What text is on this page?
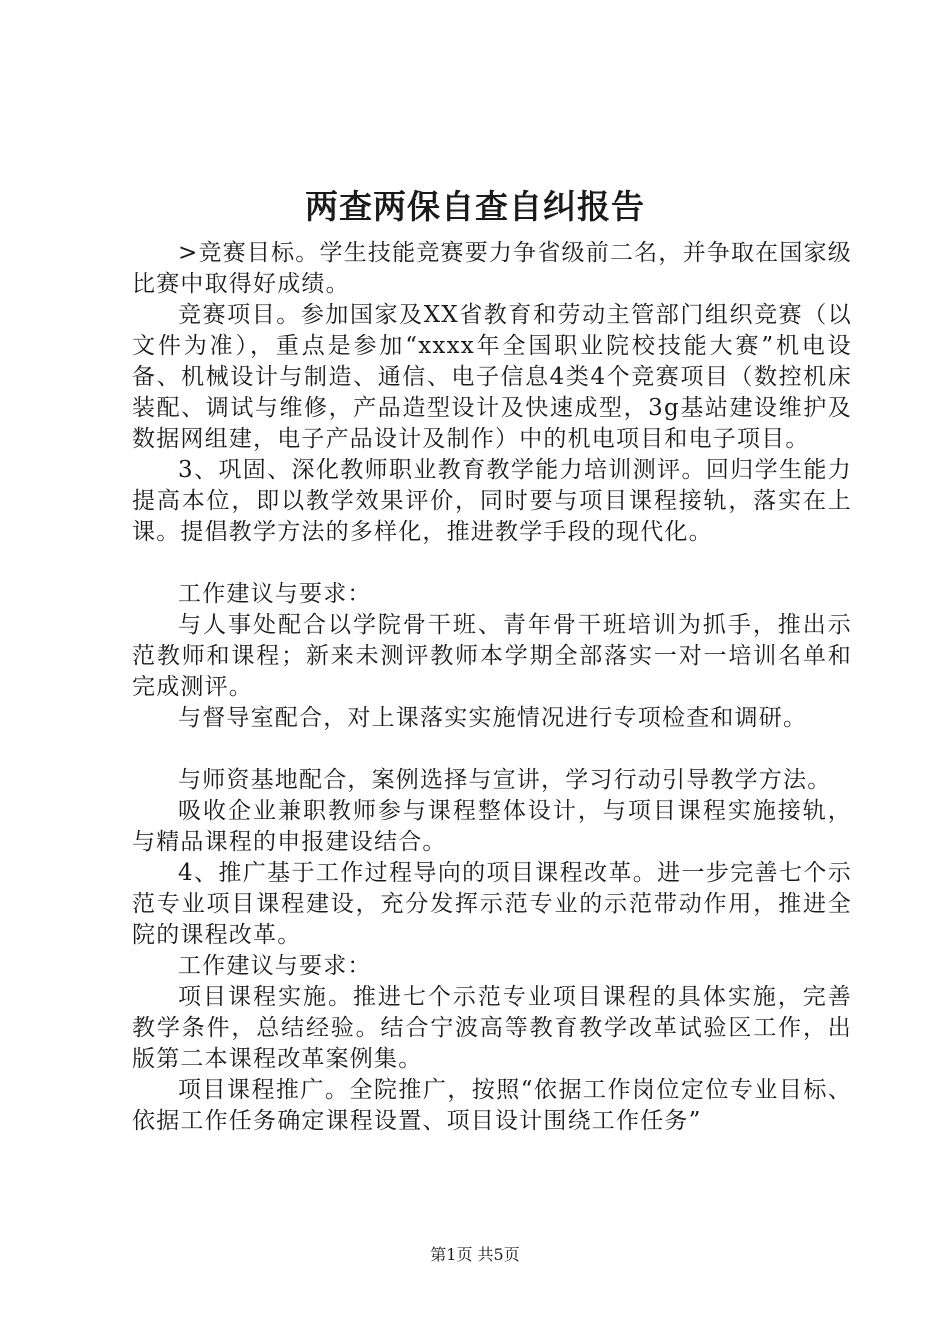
两查两保自查自纠报告

>竞赛目标。学生技能竞赛要力争省级前二名，并争取在国家级比赛中取得好成绩。

竞赛项目。参加国家及XX省教育和劳动主管部门组织竞赛（以文件为准），重点是参加“xxxx年全国职业院校技能大赛”机电设备、机械设计与制造、通信、电子信息4类4个竞赛项目（数控机床装配、调试与维修，产品造型设计及快速成型，3g基站建设维护及数据网组建，电子产品设计及制作）中的机电项目和电子项目。

3、巩固、深化教师职业教育教学能力培训测评。回归学生能力提高本位，即以教学效果评价，同时要与项目课程接轨，落实在上课。提倡教学方法的多样化，推进教学手段的现代化。

工作建议与要求：

与人事处配合以学院骨干班、青年骨干班培训为抓手，推出示范教师和课程；新来未测评教师本学期全部落实一对一培训名单和完成测评。

与督导室配合，对上课落实实施情况进行专项检查和调研。

与师资基地配合，案例选择与宣讲，学习行动引导教学方法。

吸收企业兼职教师参与课程整体设计，与项目课程实施接轨，与精品课程的申报建设结合。

4、推广基于工作过程导向的项目课程改革。进一步完善七个示范专业项目课程建设，充分发挥示范专业的示范带动作用，推进全院的课程改革。

工作建议与要求：

项目课程实施。推进七个示范专业项目课程的具体实施，完善教学条件，总结经验。结合宁波高等教育教学改革试验区工作，出版第二本课程改革案例集。

项目课程推广。全院推广，按照“依据工作岗位定位专业目标、依据工作任务确定课程设置、项目设计围绕工作任务”

第1页 共5页
